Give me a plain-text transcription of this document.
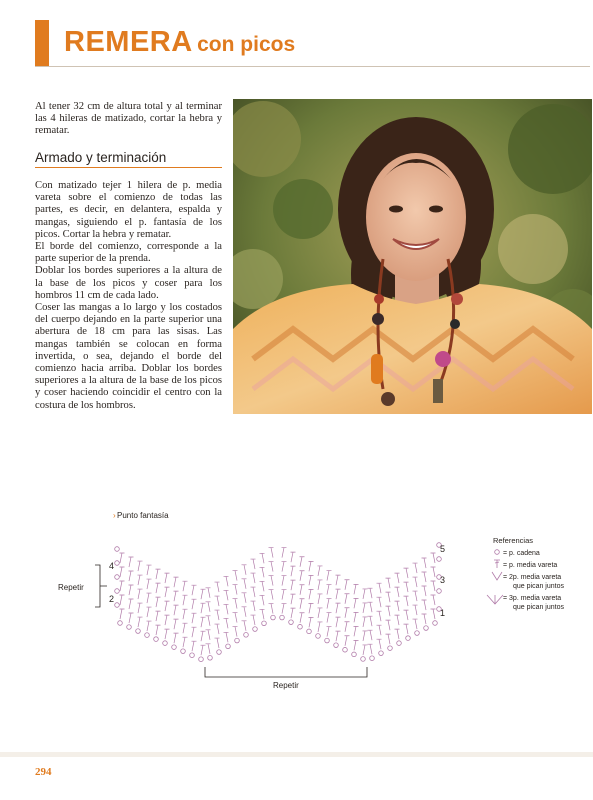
REMERA con picos
Al tener 32 cm de altura total y al terminar las 4 hileras de matizado, cortar la hebra y rematar.
Armado y terminación

Con matizado tejer 1 hilera de p. media vareta sobre el comienzo de todas las partes, es decir, en delantera, espalda y mangas, siguiendo el p. fantasía de los picos. Cortar la hebra y rematar.

El borde del comienzo, corresponde a la parte superior de la prenda.

Doblar los bordes superiores a la altura de la base de los picos y coser para los hombros 11 cm de cada lado.

Coser las mangas a lo largo y los costados del cuerpo dejando en la parte superior una abertura de 18 cm para las sisas. Las mangas también se colocan en forma invertida, o sea, dejando el borde del comienzo hacia arriba. Doblar los bordes superiores a la altura de la base de los picos y coser haciendo coincidir el centro con la costura de los hombros.

Punto fantasía
›
Repetir
4
2
5
3
1
Repetir
Referencias
= p. cadena
= p. media vareta
= 2p. media vareta
que pican juntos
= 3p. media vareta
que pican juntos
294
